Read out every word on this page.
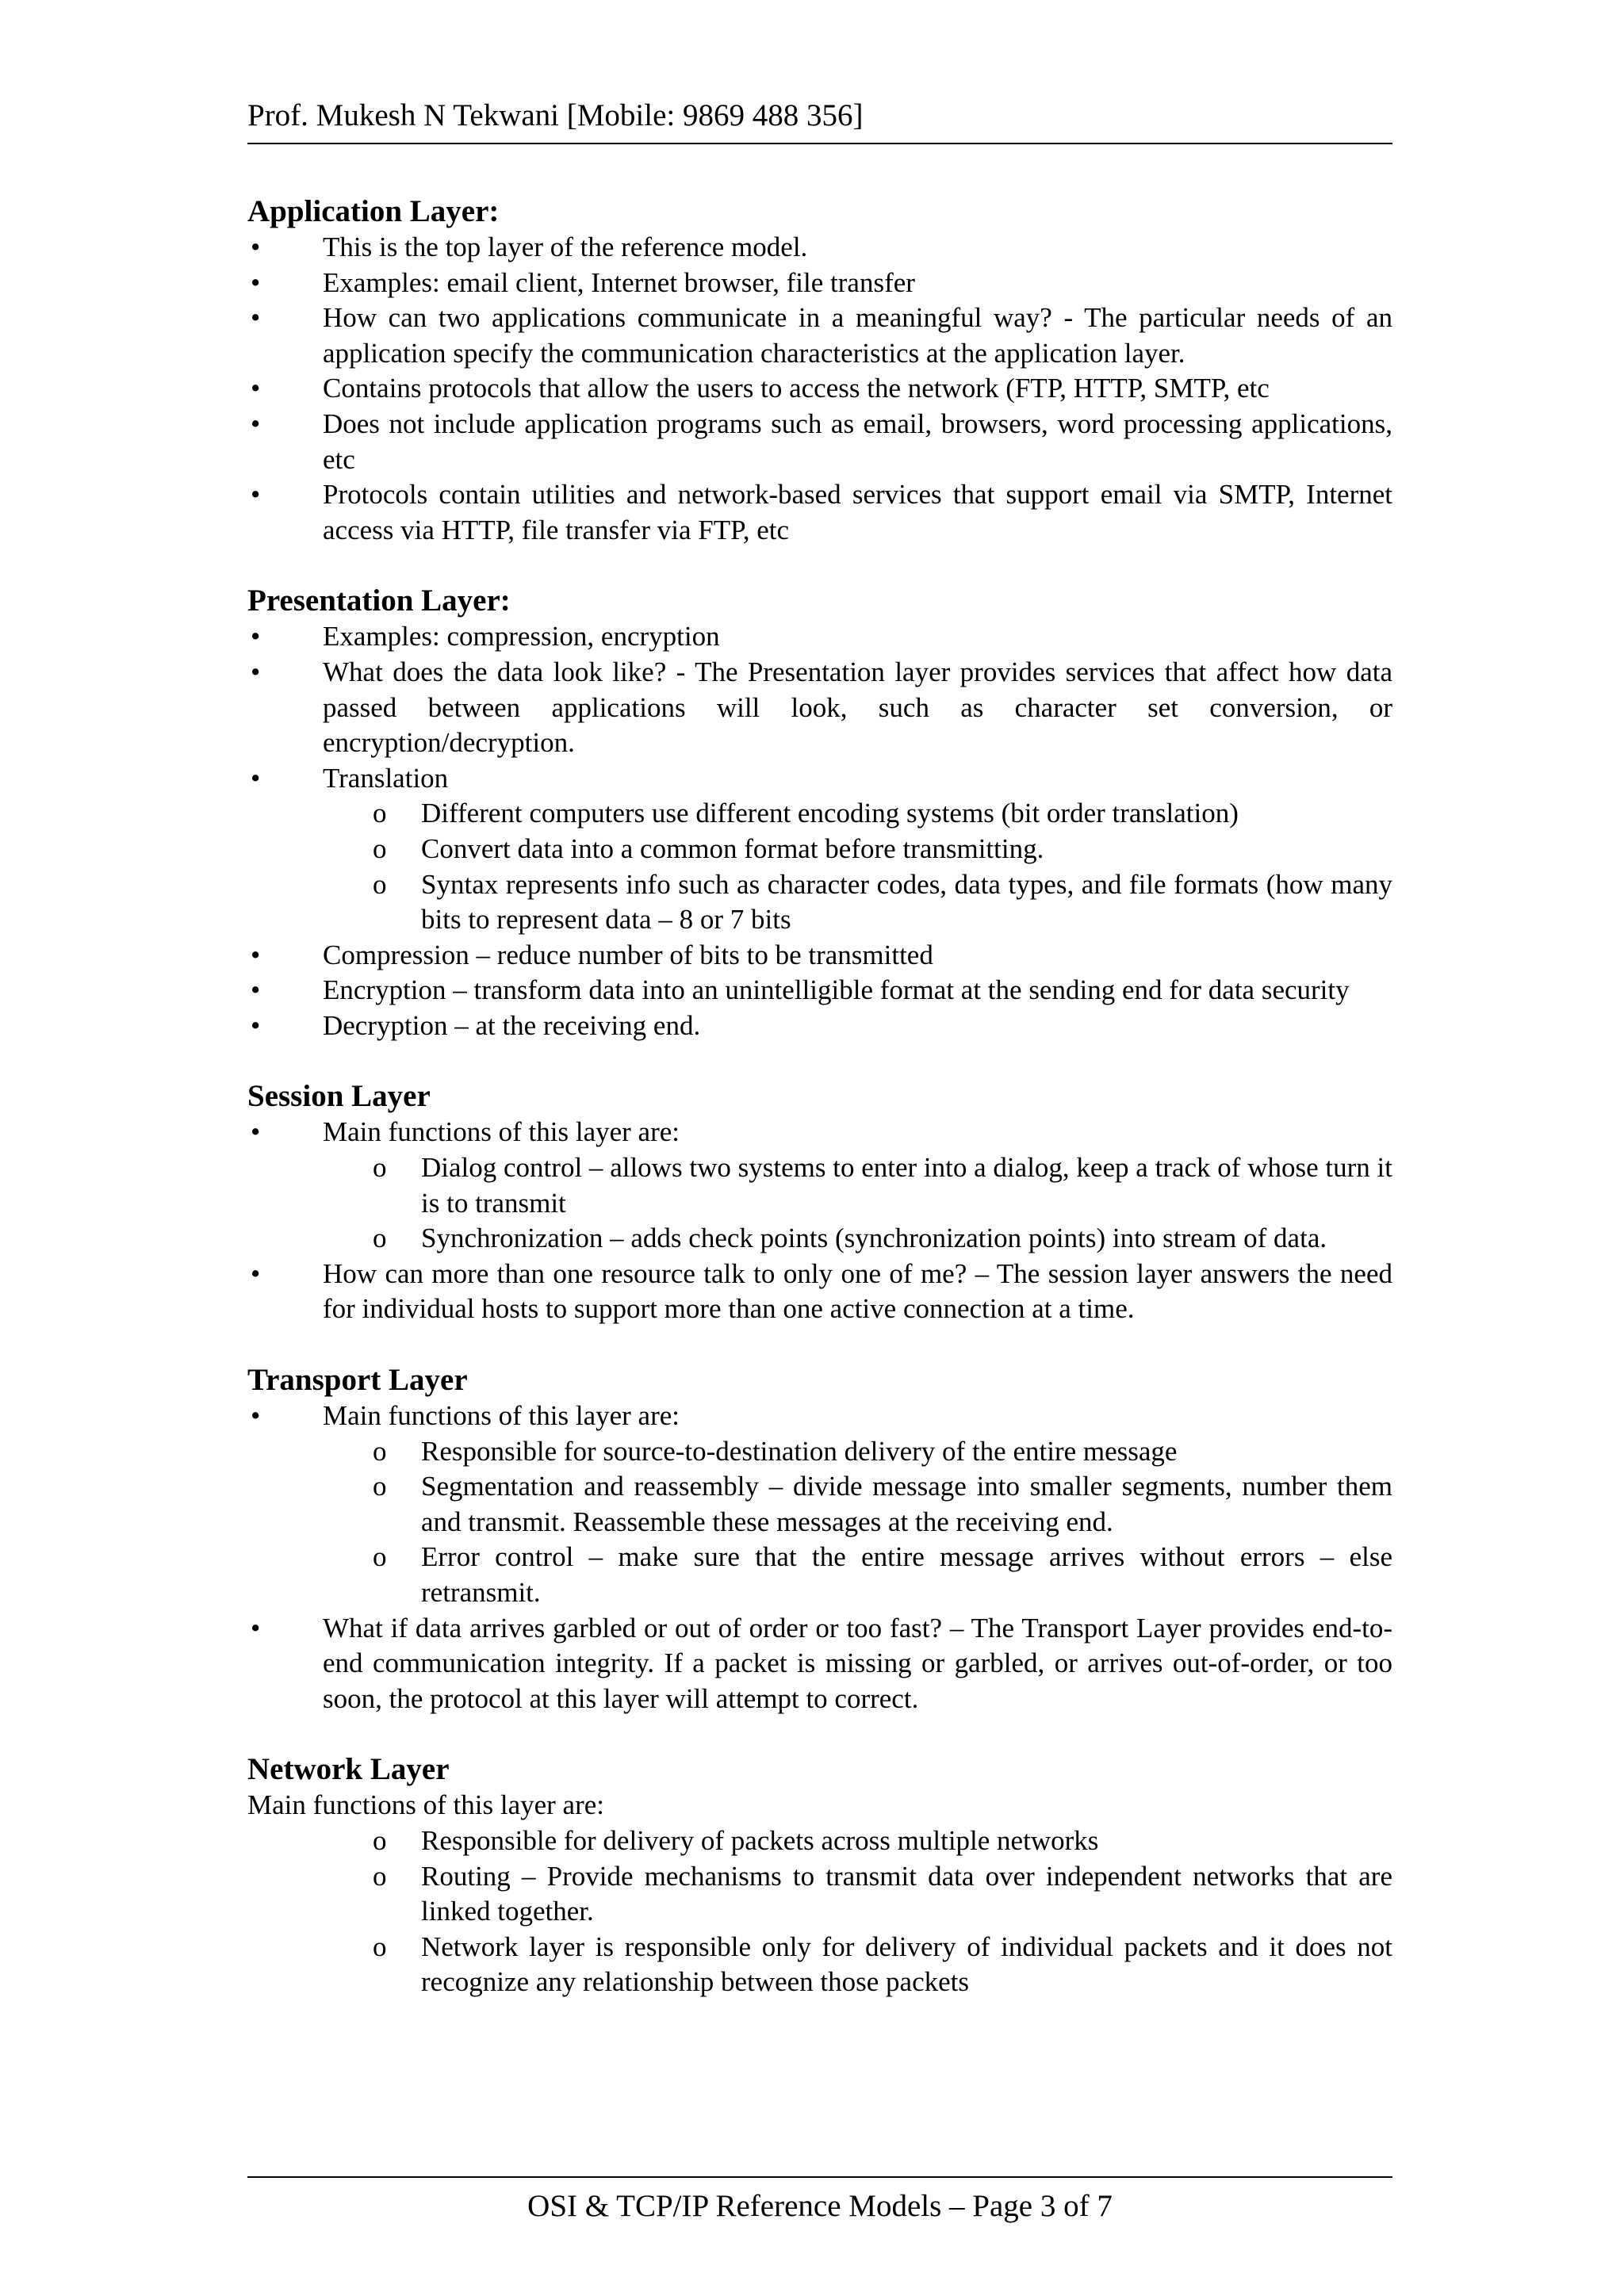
Prof. Mukesh N Tekwani [Mobile: 9869 488 356]
Application Layer:
•	This is the top layer of the reference model.
•	Examples: email client, Internet browser, file transfer
•	How can two applications communicate in a meaningful way? - The particular needs of an application specify the communication characteristics at the application layer.
•	Contains protocols that allow the users to access the network (FTP, HTTP, SMTP, etc
•	Does not include application programs such as email, browsers, word processing applications, etc
•	Protocols contain utilities and network-based services that support email via SMTP, Internet access via HTTP, file transfer via FTP, etc
Presentation Layer:
•	Examples: compression, encryption
•	What does the data look like? - The Presentation layer provides services that affect how data passed between applications will look, such as character set conversion, or encryption/decryption.
•	Translation
o	Different computers use different encoding systems (bit order translation)
o	Convert data into a common format before transmitting.
o	Syntax represents info such as character codes, data types, and file formats (how many bits to represent data – 8 or 7 bits
•	Compression – reduce number of bits to be transmitted
•	Encryption – transform data into an unintelligible format at the sending end for data security
•	Decryption – at the receiving end.
Session Layer
•	Main functions of this layer are:
o	Dialog control – allows two systems to enter into a dialog, keep a track of whose turn it is to transmit
o	Synchronization – adds check points (synchronization points) into stream of data.
•	How can more than one resource talk to only one of me? – The session layer answers the need for individual hosts to support more than one active connection at a time.
Transport Layer
•	Main functions of this layer are:
o	Responsible for source-to-destination delivery of the entire message
o	Segmentation and reassembly – divide message into smaller segments, number them and transmit. Reassemble these messages at the receiving end.
o	Error control – make sure that the entire message arrives without errors – else retransmit.
•	What if data arrives garbled or out of order or too fast? – The Transport Layer provides end-to-end communication integrity. If a packet is missing or garbled, or arrives out-of-order, or too soon, the protocol at this layer will attempt to correct.
Network Layer

Main functions of this layer are:

o	Responsible for delivery of packets across multiple networks
o	Routing – Provide mechanisms to transmit data over independent networks that are linked together.
o	Network layer is responsible only for delivery of individual packets and it does not recognize any relationship between those packets
OSI & TCP/IP Reference Models – Page 3 of 7
